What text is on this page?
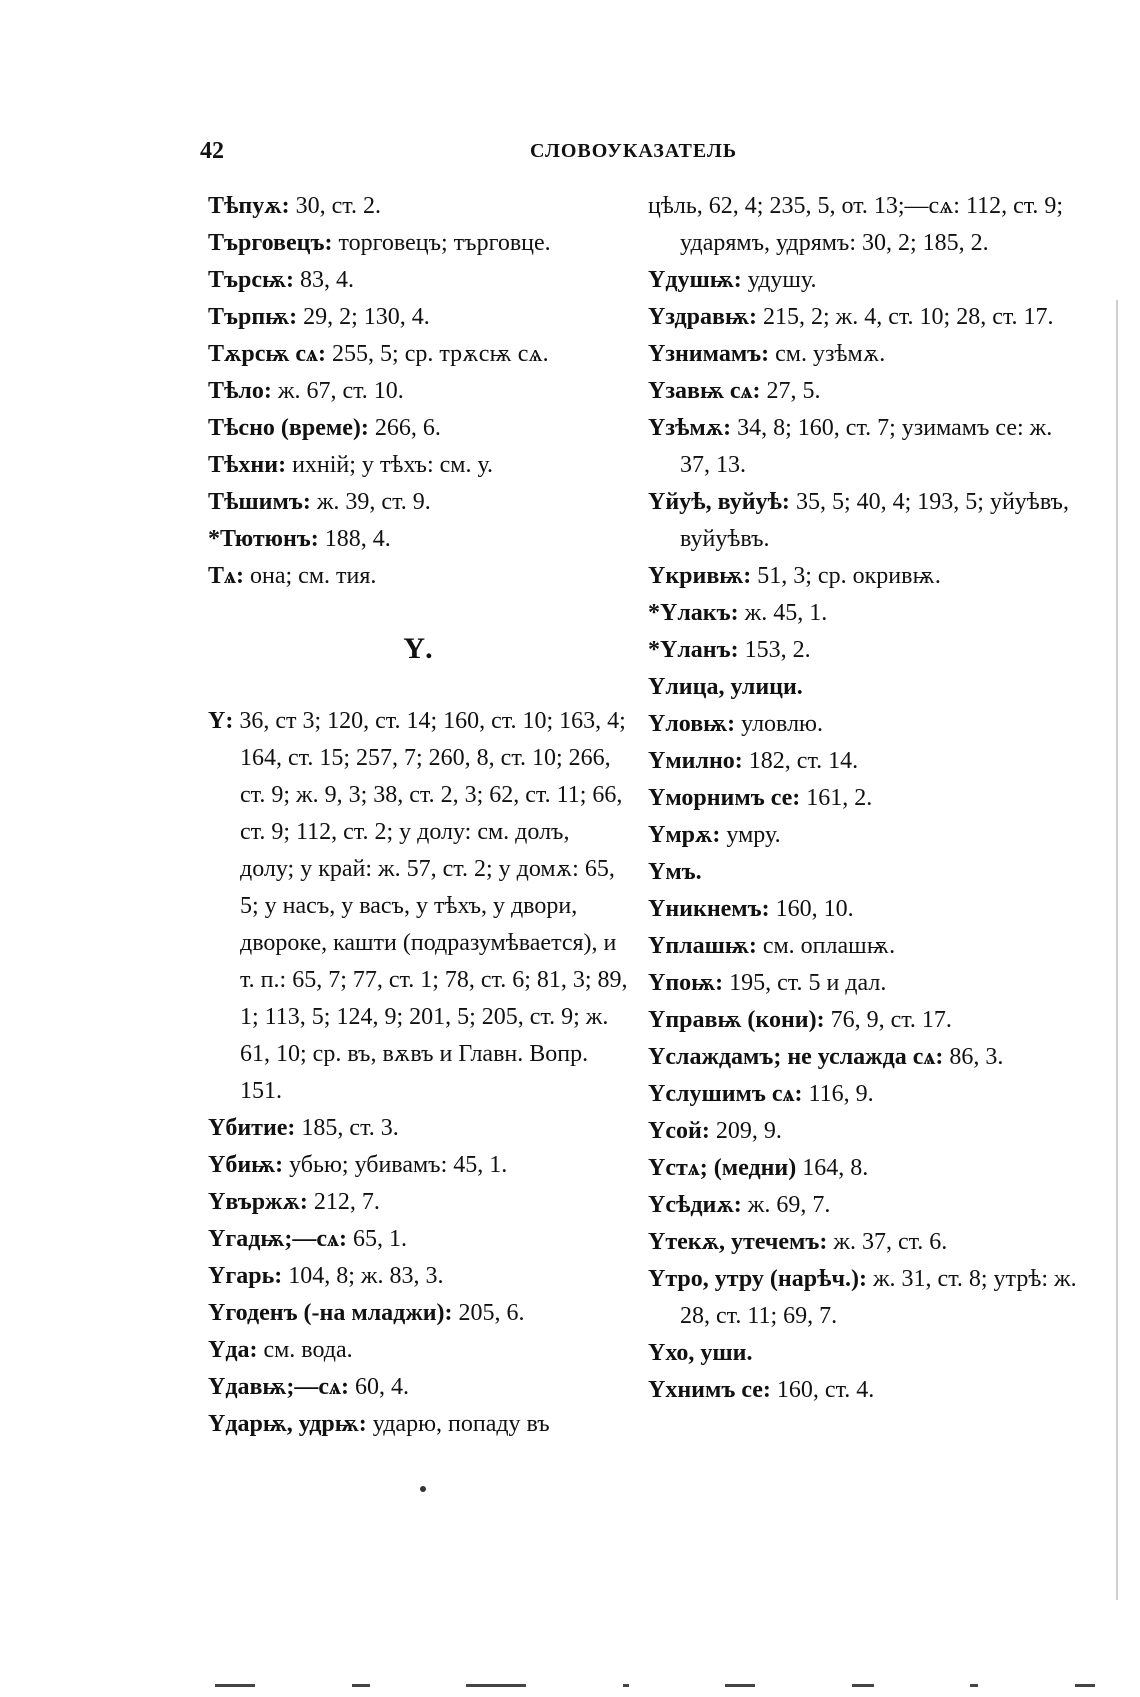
42	СЛОВОУКАЗАТЕЛЬ
Тѣпуѫ: 30, ст. 2.
Търговецъ: торговецъ; търговце.
Търсѭ: 83, 4.
Търпѭ: 29, 2; 130, 4.
Тѫрсѭ сѧ: 255, 5; ср. трѫсѭ сѧ.
Тѣло: ж. 67, ст. 10.
Тѣсно (време): 266, 6.
Тѣхни: ихній; у тѣхъ: см. у.
Тѣшимъ: ж. 39, ст. 9.
*Тютюнъ: 188, 4.
Тѧ: она; см. тия.
Ү.
Ү: 36, ст 3; 120, ст. 14; 160, ст. 10; 163, 4; 164, ст. 15; 257, 7; 260, 8, ст. 10; 266, ст. 9; ж. 9, 3; 38, ст. 2, 3; 62, ст. 11; 66, ст. 9; 112, ст. 2; у долу: см. долъ, долу; у край: ж. 57, ст. 2; у домѫ: 65, 5; у насъ, у васъ, у тѣхъ, у двори, двороке, кашти (подразумѣвается), и т. п.: 65, 7; 77, ст. 1; 78, ст. 6; 81, 3; 89, 1; 113, 5; 124, 9; 201, 5; 205, ст. 9; ж. 61, 10; ср. въ, вѫвъ и Главн. Вопр. 151.
Үбитие: 185, ст. 3.
Үбиѭ: убью; убивамъ: 45, 1.
Үвържѫ: 212, 7.
Үгадѭ;—сѧ: 65, 1.
Үгарь: 104, 8; ж. 83, 3.
Үгоденъ (-на младжи): 205, 6.
Үда: см. вода.
Үдавѭ;—сѧ: 60, 4.
Үдарѭ, удрѭ: ударю, попаду въ
цѣль, 62, 4; 235, 5, от. 13;—сѧ: 112, ст. 9; ударямъ, удрямъ: 30, 2; 185, 2.
Үдушѭ: удушу.
Үздравѭ: 215, 2; ж. 4, ст. 10; 28, ст. 17.
Үзнимамъ: см. узѣмѫ.
Үзавѭ сѧ: 27, 5.
Үзѣмѫ: 34, 8; 160, ст. 7; узимамъ се: ж. 37, 13.
Үйуѣ, вуйуѣ: 35, 5; 40, 4; 193, 5; уйуѣвъ, вуйуѣвъ.
Үкривѭ: 51, 3; ср. окривѭ.
*Үлакъ: ж. 45, 1.
*Үланъ: 153, 2.
Үлица, улици.
Үловѭ: уловлю.
Үмилно: 182, ст. 14.
Үморнимъ се: 161, 2.
Үмрѫ: умру.
Үмъ.
Үникнемъ: 160, 10.
Үплашѭ: см. оплашѭ.
Үпоѭ: 195, ст. 5 и дал.
Үправѭ (кони): 76, 9, ст. 17.
Үслаждамъ; не услажда сѧ: 86, 3.
Үслушимъ сѧ: 116, 9.
Үсой: 209, 9.
Үстѧ; (медни) 164, 8.
Үсѣдиѫ: ж. 69, 7.
Үтекѫ, утечемъ: ж. 37, ст. 6.
Үтро, утру (нарѣч.): ж. 31, ст. 8; утрѣ: ж. 28, ст. 11; 69, 7.
Үхо, уши.
Үхнимъ се: 160, ст. 4.
